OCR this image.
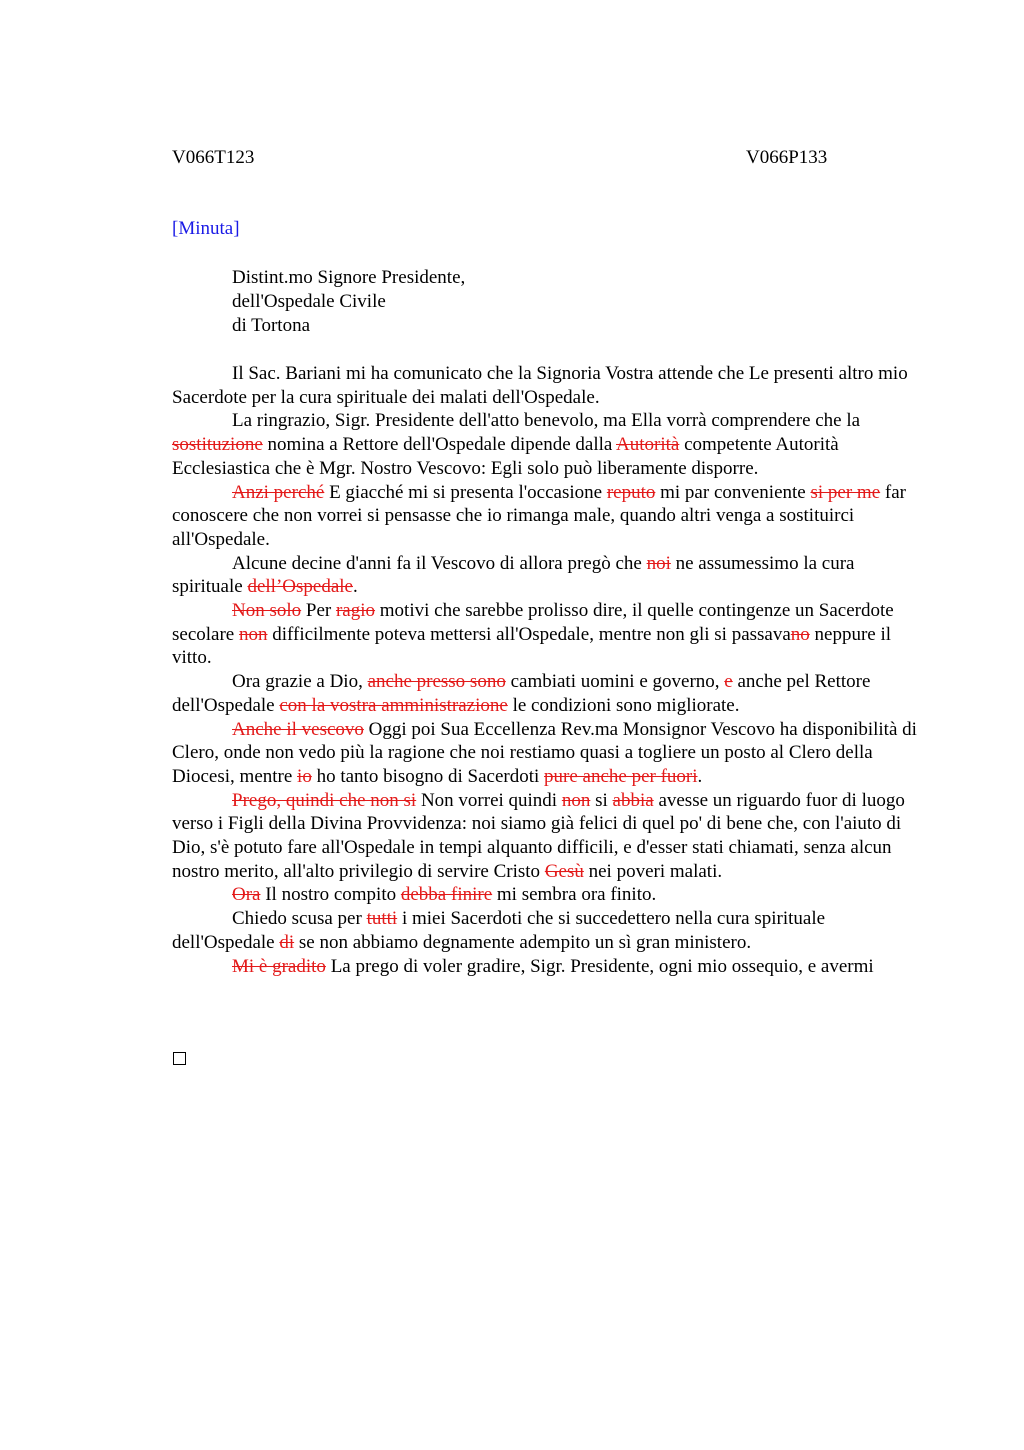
V066T123	V066P133
[Minuta]
Distint.mo Signore Presidente,
dell'Ospedale Civile
di Tortona

Il Sac. Bariani mi ha comunicato che la Signoria Vostra attende che Le presenti altro mio Sacerdote per la cura spirituale dei malati dell'Ospedale.

La ringrazio, Sigr. Presidente dell'atto benevolo, ma Ella vorrà comprendere che la sostituzione nomina a Rettore dell'Ospedale dipende dalla Autorità competente Autorità Ecclesiastica che è Mgr. Nostro Vescovo: Egli solo può liberamente disporre.

Anzi perché E giacché mi si presenta l'occasione reputo mi par conveniente si per me far conoscere che non vorrei si pensasse che io rimanga male, quando altri venga a sostituirci all'Ospedale.

Alcune decine d'anni fa il Vescovo di allora pregò che noi ne assumessimo la cura spirituale dell’Ospedale.

Non solo Per ragio motivi che sarebbe prolisso dire, il quelle contingenze un Sacerdote secolare non difficilmente poteva mettersi all'Ospedale, mentre non gli si passavano neppure il vitto.

Ora grazie a Dio, anche presso sono cambiati uomini e governo, e anche pel Rettore dell'Ospedale con la vostra amministrazione le condizioni sono migliorate.

Anche il vescovo Oggi poi Sua Eccellenza Rev.ma Monsignor Vescovo ha disponibilità di Clero, onde non vedo più la ragione che noi restiamo quasi a togliere un posto al Clero della Diocesi, mentre io ho tanto bisogno di Sacerdoti pure anche per fuori.

Prego, quindi che non si Non vorrei quindi non si abbia avesse un riguardo fuor di luogo verso i Figli della Divina Provvidenza: noi siamo già felici di quel po' di bene che, con l'aiuto di Dio, s'è potuto fare all'Ospedale in tempi alquanto difficili, e d'esser stati chiamati, senza alcun nostro merito, all'alto privilegio di servire Cristo Gesù nei poveri malati.

Ora Il nostro compito debba finire mi sembra ora finito.

Chiedo scusa per tutti i miei Sacerdoti che si succedettero nella cura spirituale dell'Ospedale di se non abbiamo degnamente adempito un sì gran ministero.

Mi è gradito La prego di voler gradire, Sigr. Presidente, ogni mio ossequio, e avermi
